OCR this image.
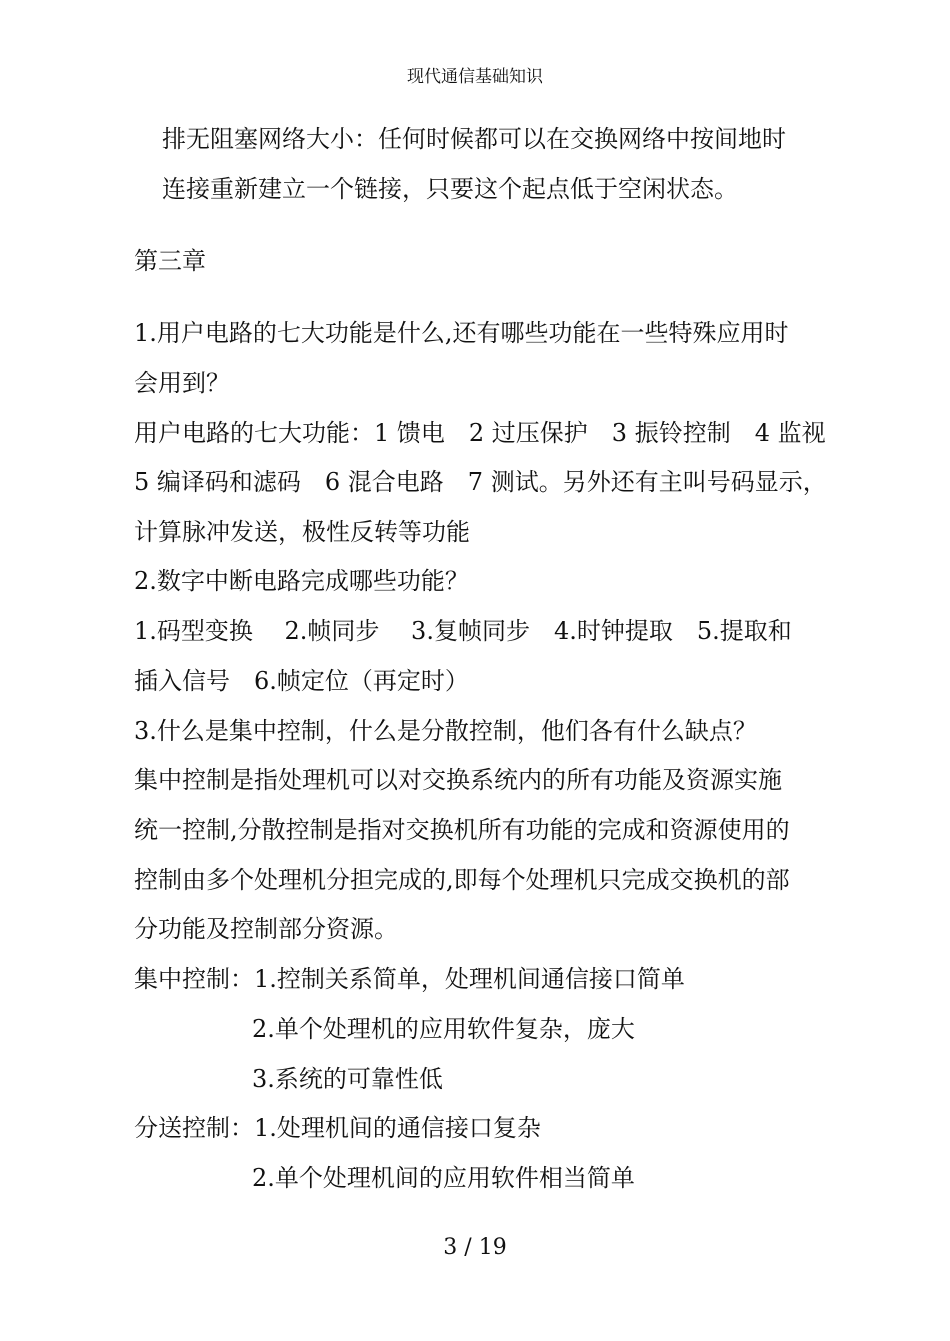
现代通信基础知识
排无阻塞网络大小：任何时候都可以在交换网络中按间地时
连接重新建立一个链接，只要这个起点低于空闲状态。
第三章
1.用户电路的七大功能是什么,还有哪些功能在一些特殊应用时
会用到？
用户电路的七大功能：1 馈电　2 过压保护　3 振铃控制　4 监视
5 编译码和滤码　6 混合电路　7 测试。另外还有主叫号码显示，
计算脉冲发送，极性反转等功能
2.数字中断电路完成哪些功能？
1.码型变换　 2.帧同步　 3.复帧同步　4.时钟提取　5.提取和
插入信号　6.帧定位（再定时）
3.什么是集中控制，什么是分散控制，他们各有什么缺点？
集中控制是指处理机可以对交换系统内的所有功能及资源实施
统一控制,分散控制是指对交换机所有功能的完成和资源使用的
控制由多个处理机分担完成的,即每个处理机只完成交换机的部
分功能及控制部分资源。
集中控制：1.控制关系简单，处理机间通信接口简单
2.单个处理机的应用软件复杂，庞大
3.系统的可靠性低
分送控制：1.处理机间的通信接口复杂
2.单个处理机间的应用软件相当简单
3 / 19
